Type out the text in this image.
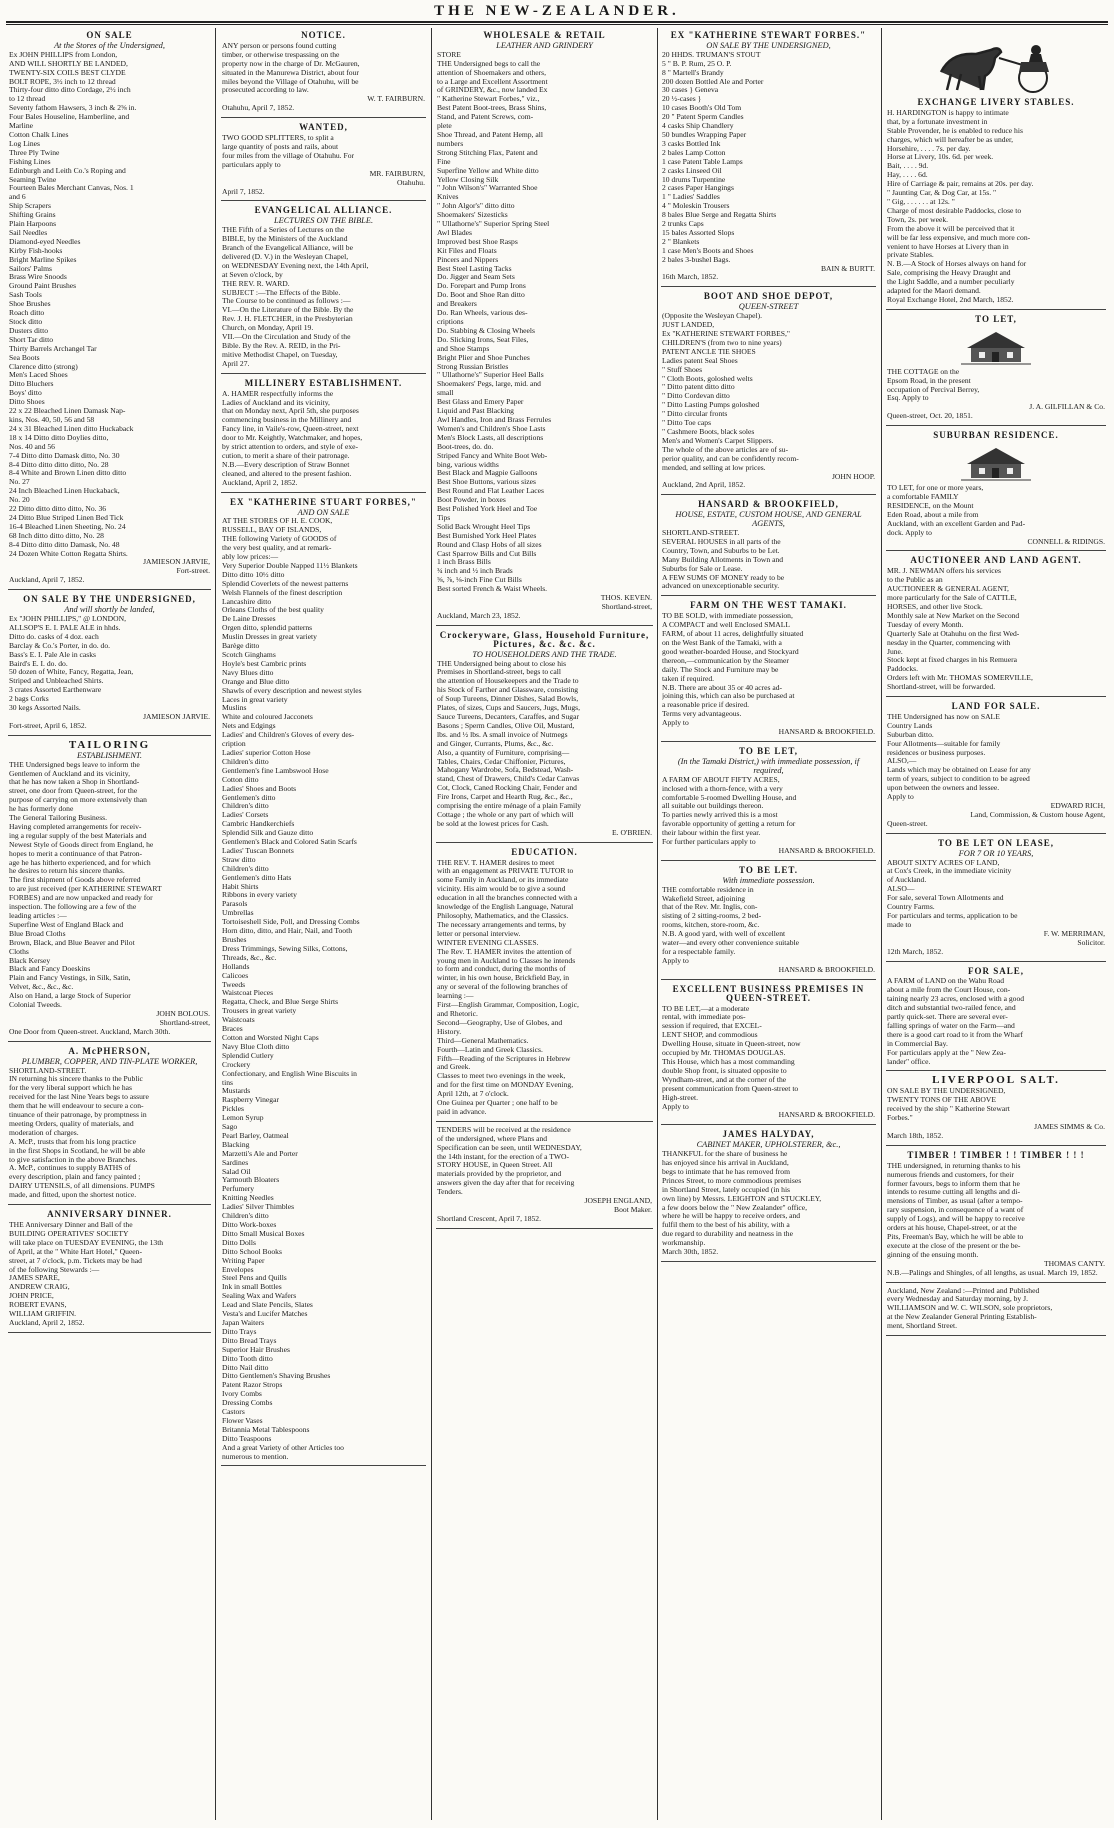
THE NEW-ZEALANDER.
ON SALE
At the Stores of the Undersigned,
Ex JOHN PHILLIPS from London,
AND WILL SHORTLY BE LANDED,
TWENTY-SIX COILS BEST CLYDE
BOLT ROPE, 3½ inch to 12 thread
Thirty-four ditto ditto Cordage, 2½ inch
to 12 thread
Seventy fathom Hawsers, 3 inch & 2⅝ in.
Four Bales Houseline, Hamberline, and
Marline
Cotton Chalk Lines
Log Lines
Three Ply Twine
Fishing Lines
Edinburgh and Leith Co.'s Roping and
Seaming Twine
Fourteen Bales Merchant Canvas, Nos. 1
and 6
Ship Scrapers
Shifting Grains
Plain Harpoons
Sail Needles
Diamond-eyed Needles
Kirby Fish-hooks
Bright Marline Spikes
Sailors' Palms
Brass Wire Snoods
Ground Paint Brushes
Sash Tools
Shoe Brushes
Roach ditto
Stock ditto
Dusters ditto
Short Tar ditto
Thirty Barrels Archangel Tar
Sea Boots
Clarence ditto (strong)
Men's Laced Shoes
Ditto Bluchers
Boys' ditto
Ditto Shoes
22 x 22 Bleached Linen Damask Nap-
kins, Nos. 40, 50, 56 and 58
24 x 31 Bleached Linen ditto Huckaback
18 x 14 Ditto ditto Doylies ditto,
Nos. 40 and 56
7-4 Ditto ditto Damask ditto, No. 30
8-4 Ditto ditto ditto ditto, No. 28
8-4 White and Brown Linen ditto ditto
No. 27
24 Inch Bleached Linen Huckaback,
No. 20
22 Ditto ditto ditto ditto, No. 36
24 Ditto Blue Striped Linen Bed Tick
16-4 Bleached Linen Sheeting, No. 24
68 Inch ditto ditto ditto, No. 28
8-4 Ditto ditto ditto Damask, No. 48
24 Dozen White Cotton Regatta Shirts.
JAMIESON JARVIE,
Fort-street.
Auckland, April 7, 1852.
ON SALE BY THE UNDERSIGNED,
And will shortly be landed,
Ex "JOHN PHILLIPS," @ LONDON,
ALLSOP'S E. I. PALE ALE in hhds.
Ditto do. casks of 4 doz. each
Barclay & Co.'s Porter, in do. do.
Bass's E. I. Pale Ale in casks
Baird's E. I. do. do.
50 dozen of White, Fancy, Regatta, Jean,
Striped and Unbleached Shirts.
3 crates Assorted Earthenware
2 bags Corks
30 kegs Assorted Nails.
JAMIESON JARVIE.
Fort-street, April 6, 1852.
TAILORING
ESTABLISHMENT.
THE Undersigned begs leave to inform the
Gentlemen of Auckland and its vicinity,
that he has now taken a Shop in Shortland-
street, one door from Queen-street, for the
purpose of carrying on more extensively than
he has formerly done
The General Tailoring Business.
Having completed arrangements for receiv-
ing a regular supply of the best Materials and
Newest Style of Goods direct from England, he
hopes to merit a continuance of that Patron-
age he has hitherto experienced, and for which
he desires to return his sincere thanks.
The first shipment of Goods above referred
to are just received (per KATHERINE STEWART
FORBES) and are now unpacked and ready for
inspection. The following are a few of the
leading articles :—
Superfine West of England Black and
Blue Broad Cloths
Brown, Black, and Blue Beaver and Pilot
Cloths
Black Kersey
Black and Fancy Doeskins
Plain and Fancy Vestings, in Silk, Satin,
Velvet, &c., &c., &c.
Also on Hand, a large Stock of Superior
Colonial Tweeds.
JOHN BOLOUS.
Shortland-street,
One Door from Queen-street. Auckland, March 30th.
A. McPHERSON,
PLUMBER, COPPER, AND TIN-PLATE WORKER,
SHORTLAND-STREET.
IN returning his sincere thanks to the Public
for the very liberal support which he has
received for the last Nine Years begs to assure
them that he will endeavour to secure a con-
tinuance of their patronage, by promptness in
meeting Orders, quality of materials, and
moderation of charges.
A. McP., trusts that from his long practice
in the first Shops in Scotland, he will be able
to give satisfaction in the above Branches.
A. McP., continues to supply BATHS of
every description, plain and fancy painted ;
DAIRY UTENSILS, of all dimensions. PUMPS
made, and fitted, upon the shortest notice.
ANNIVERSARY DINNER.
THE Anniversary Dinner and Ball of the
BUILDING OPERATIVES' SOCIETY
will take place on TUESDAY EVENING, the 13th
of April, at the " White Hart Hotel," Queen-
street, at 7 o'clock, p.m. Tickets may be had
of the following Stewards :—
JAMES SPARE,
ANDREW CRAIG,
JOHN PRICE,
ROBERT EVANS,
WILLIAM GRIFFIN.
Auckland, April 2, 1852.
NOTICE.
ANY person or persons found cutting
timber, or otherwise trespassing on the
property now in the charge of Dr. McGauren,
situated in the Manurewa District, about four
miles beyond the Village of Otahuhu, will be
prosecuted according to law.
W. T. FAIRBURN.
Otahuhu, April 7, 1852.
WANTED,
TWO GOOD SPLITTERS, to split a
large quantity of posts and rails, about
four miles from the village of Otahuhu. For
particulars apply to
MR. FAIRBURN,
Otahuhu.
April 7, 1852.
EVANGELICAL ALLIANCE.
LECTURES ON THE BIBLE.
THE Fifth of a Series of Lectures on the
BIBLE, by the Ministers of the Auckland
Branch of the Evangelical Alliance, will be
delivered (D. V.) in the Wesleyan Chapel,
on WEDNESDAY Evening next, the 14th April,
at Seven o'clock, by
THE REV. R. WARD.
SUBJECT :—The Effects of the Bible.
The Course to be continued as follows :—
VI.—On the Literature of the Bible. By the
Rev. J. H. FLETCHER, in the Presbyterian
Church, on Monday, April 19.
VII.—On the Circulation and Study of the
Bible. By the Rev. A. REID, in the Pri-
mitive Methodist Chapel, on Tuesday,
April 27.
MILLINERY ESTABLISHMENT.
A. HAMER respectfully informs the
Ladies of Auckland and its vicinity,
that on Monday next, April 5th, she purposes
commencing business in the Millinery and
Fancy line, in Vaile's-row, Queen-street, next
door to Mr. Keightly, Watchmaker, and hopes,
by strict attention to orders, and style of exe-
cution, to merit a share of their patronage.
N.B.—Every description of Straw Bonnet
cleaned, and altered to the present fashion.
Auckland, April 2, 1852.
EX "KATHERINE STUART FORBES,"
AND ON SALE
AT THE STORES OF H. E. COOK,
RUSSELL, BAY OF ISLANDS,
THE following Variety of GOODS of
the very best quality, and at remark-
ably low prices:—
Very Superior Double Napped 11½ Blankets
Ditto ditto 10½ ditto
Splendid Coverlets of the newest patterns
Welsh Flannels of the finest description
Lancashire ditto
Orleans Cloths of the best quality
De Laine Dresses
Orgen ditto, splendid patterns
Muslin Dresses in great variety
Barège ditto
Scotch Ginghams
Hoyle's best Cambric prints
Navy Blues ditto
Orange and Blue ditto
Shawls of every description and newest styles
Laces in great variety
Muslins
White and coloured Jacconets
Nets and Edgings
Ladies' and Children's Gloves of every des-
cription
Ladies' superior Cotton Hose
Children's ditto
Gentlemen's fine Lambswool Hose
Cotton ditto
Ladies' Shoes and Boots
Gentlemen's ditto
Children's ditto
Ladies' Corsets
Cambric Handkerchiefs
Splendid Silk and Gauze ditto
Gentlemen's Black and Colored Satin Scarfs
Ladies' Tuscan Bonnets
Straw ditto
Children's ditto
Gentlemen's ditto Hats
Habit Shirts
Ribbons in every variety
Parasols
Umbrellas
Tortoiseshell Side, Poll, and Dressing Combs
Horn ditto, ditto, and Hair, Nail, and Tooth
Brushes
Dress Trimmings, Sewing Silks, Cottons,
Threads, &c., &c.
Hollands
Calicoes
Tweeds
Waistcoat Pieces
Regatta, Check, and Blue Serge Shirts
Trousers in great variety
Waistcoats
Braces
Cotton and Worsted Night Caps
Navy Blue Cloth ditto
Splendid Cutlery
Crockery
Confectionary, and English Wine Biscuits in
tins
Mustards
Raspberry Vinegar
Pickles
Lemon Syrup
Sago
Pearl Barley, Oatmeal
Blacking
Marzetti's Ale and Porter
Sardines
Salad Oil
Yarmouth Bloaters
Perfumery
Knitting Needles
Ladies' Silver Thimbles
Children's ditto
Ditto Work-boxes
Ditto Small Musical Boxes
Ditto Dolls
Ditto School Books
Writing Paper
Envelopes
Steel Pens and Quills
Ink in small Bottles
Sealing Wax and Wafers
Lead and Slate Pencils, Slates
Vesta's and Lucifer Matches
Japan Waiters
Ditto Trays
Ditto Bread Trays
Superior Hair Brushes
Ditto Tooth ditto
Ditto Nail ditto
Ditto Gentlemen's Shaving Brushes
Patent Razor Strops
Ivory Combs
Dressing Combs
Castors
Flower Vases
Britannia Metal Tablespoons
Ditto Teaspoons
And a great Variety of other Articles too
numerous to mention.
WHOLESALE & RETAIL
LEATHER AND GRINDERY
STORE
THE Undersigned begs to call the
attention of Shoemakers and others,
to a Large and Excellent Assortment
of GRINDERY, &c., now landed Ex
" Katherine Stewart Forbes," viz.,
Best Patent Boot-trees, Brass Shins,
Stand, and Patent Screws, com-
plete
Shoe Thread, and Patent Hemp, all
numbers
Strong Stitching Flax, Patent and
Fine
Superfine Yellow and White ditto
Yellow Closing Silk
" John Wilson's" Warranted Shoe
Knives
" John Algor's" ditto ditto
Shoemakers' Sizesticks
" Ullathorne's" Superior Spring Steel
Awl Blades
Improved best Shoe Rasps
Kit Files and Floats
Pincers and Nippers
Best Steel Lasting Tacks
Do. Jigger and Seam Sets
Do. Forepart and Pump Irons
Do. Boot and Shoe Ran ditto
and Breakers
Do. Ran Wheels, various des-
criptions
Do. Stabbing & Closing Wheels
Do. Slicking Irons, Seat Files,
and Shoe Stamps
Bright Plier and Shoe Punches
Strong Russian Bristles
" Ullathorne's" Superior Heel Balls
Shoemakers' Pegs, large, mid. and
small
Best Glass and Emery Paper
Liquid and Past Blacking
Awl Handles, Iron and Brass Ferrules
Women's and Children's Shoe Lasts
Men's Block Lasts, all descriptions
Boot-trees, do. do.
Striped Fancy and White Boot Web-
bing, various widths
Best Black and Magpie Galloons
Best Shoe Buttons, various sizes
Best Round and Flat Leather Laces
Boot Powder, in boxes
Best Polished York Heel and Toe
Tips
Solid Back Wrought Heel Tips
Best Burnished York Heel Plates
Round and Clasp Hobs of all sizes
Cast Sparrow Bills and Cut Bills
1 inch Brass Bills
¾ inch and ½ inch Brads
⅝, ⅞, ⅛-inch Fine Cut Bills
Best sorted French & Waist Wheels.
THOS. KEVEN.
Shortland-street,
Auckland, March 23, 1852.
Crockeryware, Glass, Household Furniture, Pictures, &c. &c. &c.
TO HOUSEHOLDERS AND THE TRADE.
THE Undersigned being about to close his
Premises in Shortland-street, begs to call
the attention of Housekeepers and the Trade to
his Stock of Farther and Glassware, consisting
of Soup Tureens, Dinner Dishes, Salad Bowls,
Plates, of sizes, Cups and Saucers, Jugs, Mugs,
Sauce Tureens, Decanters, Caraffes, and Sugar
Basons ; Sperm Candles, Olive Oil, Mustard,
lbs. and ½ lbs. A small invoice of Nutmegs
and Ginger, Currants, Plums, &c., &c.
Also, a quantity of Furniture, comprising—
Tables, Chairs, Cedar Chiffonier, Pictures,
Mahogany Wardrobe, Sofa, Bedstead, Wash-
stand, Chest of Drawers, Child's Cedar Canvas
Cot, Clock, Caned Rocking Chair, Fender and
Fire Irons, Carpet and Hearth Rug, &c., &c.,
comprising the entire ménage of a plain Family
Cottage ; the whole or any part of which will
be sold at the lowest prices for Cash.
E. O'BRIEN.
EDUCATION.
THE REV. T. HAMER desires to meet
with an engagement as PRIVATE TUTOR to
some Family in Auckland, or its immediate
vicinity. His aim would be to give a sound
education in all the branches connected with a
knowledge of the English Language, Natural
Philosophy, Mathematics, and the Classics.
The necessary arrangements and terms, by
letter or personal interview.
WINTER EVENING CLASSES.
The Rev. T. HAMER invites the attention of
young men in Auckland to Classes he intends
to form and conduct, during the months of
winter, in his own house, Brickfield Bay, in
any or several of the following branches of
learning :—
First—English Grammar, Composition, Logic,
and Rhetoric.
Second—Geography, Use of Globes, and
History.
Third—General Mathematics.
Fourth—Latin and Greek Classics.
Fifth—Reading of the Scriptures in Hebrew
and Greek.
Classes to meet two evenings in the week,
and for the first time on MONDAY Evening,
April 12th, at 7 o'clock.
One Guinea per Quarter ; one half to be
paid in advance.
TENDERS will be received at the residence
of the undersigned, where Plans and
Specification can be seen, until WEDNESDAY,
the 14th instant, for the erection of a TWO-
STORY HOUSE, in Queen Street. All
materials provided by the proprietor, and
answers given the day after that for receiving
Tenders.
JOSEPH ENGLAND,
Boot Maker.
Shortland Crescent, April 7, 1852.
EX "KATHERINE STEWART FORBES."
ON SALE BY THE UNDERSIGNED,
20 HHDS. TRUMAN'S STOUT
5 " B. P. Rum, 25 O. P.
8 " Martell's Brandy
200 dozen Bottled Ale and Porter
30 cases } Geneva
20 ½-cases }
10 cases Booth's Old Tom
20 " Patent Sperm Candles
4 casks Ship Chandlery
50 bundles Wrapping Paper
3 casks Bottled Ink
2 bales Lamp Cotton
1 case Patent Table Lamps
2 casks Linseed Oil
10 drums Turpentine
2 cases Paper Hangings
1 " Ladies' Saddles
4 " Moleskin Trousers
8 bales Blue Serge and Regatta Shirts
2 trunks Caps
15 bales Assorted Slops
2 " Blankets
1 case Men's Boots and Shoes
2 bales 3-bushel Bags.
BAIN & BURTT.
16th March, 1852.
BOOT AND SHOE DEPOT,
QUEEN-STREET
(Opposite the Wesleyan Chapel).
JUST LANDED,
Ex "KATHERINE STEWART FORBES,"
CHILDREN'S (from two to nine years)
PATENT ANCLE TIE SHOES
Ladies patent Seal Shoes
" Stuff Shoes
" Cloth Boots, goloshed welts
" Ditto patent ditto ditto
" Ditto Cordevan ditto
" Ditto Lasting Pumps goloshed
" Ditto circular fronts
" Ditto Toe caps
" Cashmere Boots, black soles
Men's and Women's Carpet Slippers.
The whole of the above articles are of su-
perior quality, and can be confidently recom-
mended, and selling at low prices.
JOHN HOOP.
Auckland, 2nd April, 1852.
HANSARD & BROOKFIELD,
HOUSE, ESTATE, CUSTOM HOUSE, AND GENERAL AGENTS,
SHORTLAND-STREET.
SEVERAL HOUSES in all parts of the
Country, Town, and Suburbs to be Let.
Many Building Allotments in Town and
Suburbs for Sale or Lease.
A FEW SUMS OF MONEY ready to be
advanced on unexceptionable security.
FARM ON THE WEST TAMAKI.
TO BE SOLD, with immediate possession,
A COMPACT and well Enclosed SMALL
FARM, of about 11 acres, delightfully situated
on the West Bank of the Tamaki, with a
good weather-boarded House, and Stockyard
thereon,—communication by the Steamer
daily. The Stock and Furniture may be
taken if required.
N.B. There are about 35 or 40 acres ad-
joining this, which can also be purchased at
a reasonable price if desired.
Terms very advantageous.
Apply to
HANSARD & BROOKFIELD.
TO BE LET,
(In the Tamaki District,) with immediate possession, if required,
A FARM OF ABOUT FIFTY ACRES,
inclosed with a thorn-fence, with a very
comfortable 5-roomed Dwelling House, and
all suitable out buildings thereon.
To parties newly arrived this is a most
favorable opportunity of getting a return for
their labour within the first year.
For further particulars apply to
HANSARD & BROOKFIELD.
TO BE LET.
With immediate possession.
THE comfortable residence in
Wakefield Street, adjoining
that of the Rev. Mr. Inglis, con-
sisting of 2 sitting-rooms, 2 bed-
rooms, kitchen, store-room, &c.
N.B. A good yard, with well of excellent
water—and every other convenience suitable
for a respectable family.
Apply to
HANSARD & BROOKFIELD.
EXCELLENT BUSINESS PREMISES IN QUEEN-STREET.
TO BE LET,—at a moderate
rental, with immediate pos-
session if required, that EXCEL-
LENT SHOP, and commodious
Dwelling House, situate in Queen-street, now
occupied by Mr. THOMAS DOUGLAS.
This House, which has a most commanding
double Shop front, is situated opposite to
Wyndham-street, and at the corner of the
present communication from Queen-street to
High-street.
Apply to
HANSARD & BROOKFIELD.
JAMES HALYDAY,
CABINET MAKER, UPHOLSTERER, &c.,
THANKFUL for the share of business he
has enjoyed since his arrival in Auckland,
begs to intimate that he has removed from
Princes Street, to more commodious premises
in Shortland Street, lately occupied (in his
own line) by Messrs. LEIGHTON and STUCKLEY,
a few doors below the " New Zealander" office,
where he will be happy to receive orders, and
fulfil them to the best of his ability, with a
due regard to durability and neatness in the
workmanship.
March 30th, 1852.
EXCHANGE LIVERY STABLES.
H. HARDINGTON is happy to intimate
that, by a fortunate investment in
Stable Provender, he is enabled to reduce his
charges, which will hereafter be as under,
Horsehire, . . . . 7s. per day.
Horse at Livery, 10s. 6d. per week.
Bait, . . . . 9d.
Hay, . . . . 6d.
Hire of Carriage & pair, remains at 20s. per day.
" Jaunting Car, & Dog Car, at 15s. "
" Gig, . . . . . . at 12s. "
Charge of most desirable Paddocks, close to
Town, 2s. per week.
From the above it will be perceived that it
will be far less expensive, and much more con-
venient to have Horses at Livery than in
private Stables.
N. B.—A Stock of Horses always on hand for
Sale, comprising the Heavy Draught and
the Light Saddle, and a number peculiarly
adapted for the Maori demand.
Royal Exchange Hotel, 2nd March, 1852.
TO LET,
THE COTTAGE on the
Epsom Road, in the present
occupation of Percival Berrey,
Esq. Apply to
J. A. GILFILLAN & Co.
Queen-street, Oct. 20, 1851.
SUBURBAN RESIDENCE.
TO LET, for one or more years,
a comfortable FAMILY
RESIDENCE, on the Mount
Eden Road, about a mile from
Auckland, with an excellent Garden and Pad-
dock. Apply to
CONNELL & RIDINGS.
AUCTIONEER AND LAND AGENT.
MR. J. NEWMAN offers his services
to the Public as an
AUCTIONEER & GENERAL AGENT,
more particularly for the Sale of CATTLE,
HORSES, and other live Stock.
Monthly sale at New Market on the Second
Tuesday of every Month.
Quarterly Sale at Otahuhu on the first Wed-
nesday in the Quarter, commencing with
June.
Stock kept at fixed charges in his Remuera
Paddocks.
Orders left with Mr. THOMAS SOMERVILLE,
Shortland-street, will be forwarded.
LAND FOR SALE.
THE Undersigned has now on SALE
Country Lands
Suburban ditto.
Four Allotments—suitable for family
residences or business purposes.
ALSO,—
Lands which may be obtained on Lease for any
term of years, subject to condition to be agreed
upon between the owners and lessee.
Apply to
EDWARD RICH,
Land, Commission, & Custom house Agent,
Queen-street.
TO BE LET ON LEASE,
FOR 7 OR 10 YEARS,
ABOUT SIXTY ACRES OF LAND,
at Cox's Creek, in the immediate vicinity
of Auckland.
ALSO—
For sale, several Town Allotments and
Country Farms.
For particulars and terms, application to be
made to
F. W. MERRIMAN,
Solicitor.
12th March, 1852.
FOR SALE,
A FARM of LAND on the Wahu Road
about a mile from the Court House, con-
taining nearly 23 acres, enclosed with a good
ditch and substantial two-railed fence, and
partly quick-set. There are several ever-
falling springs of water on the Farm—and
there is a good cart road to it from the Wharf
in Commercial Bay.
For particulars apply at the " New Zea-
lander" office.
LIVERPOOL SALT.
ON SALE BY THE UNDERSIGNED,
TWENTY TONS OF THE ABOVE
received by the ship " Katherine Stewart
Forbes."
JAMES SIMMS & Co.
March 18th, 1852.
TIMBER ! TIMBER ! ! TIMBER ! ! !
THE undersigned, in returning thanks to his
numerous friends and customers, for their
former favours, begs to inform them that he
intends to resume cutting all lengths and di-
mensions of Timber, as usual (after a tempo-
rary suspension, in consequence of a want of
supply of Logs), and will be happy to receive
orders at his house, Chapel-street, or at the
Pits, Freeman's Bay, which he will be able to
execute at the close of the present or the be-
ginning of the ensuing month.
THOMAS CANTY.
N.B.—Palings and Shingles, of all lengths, as usual. March 19, 1852.
Auckland, New Zealand :—Printed and Published
every Wednesday and Saturday morning, by J.
WILLIAMSON and W. C. WILSON, sole proprietors,
at the New Zealander General Printing Establish-
ment, Shortland Street.
